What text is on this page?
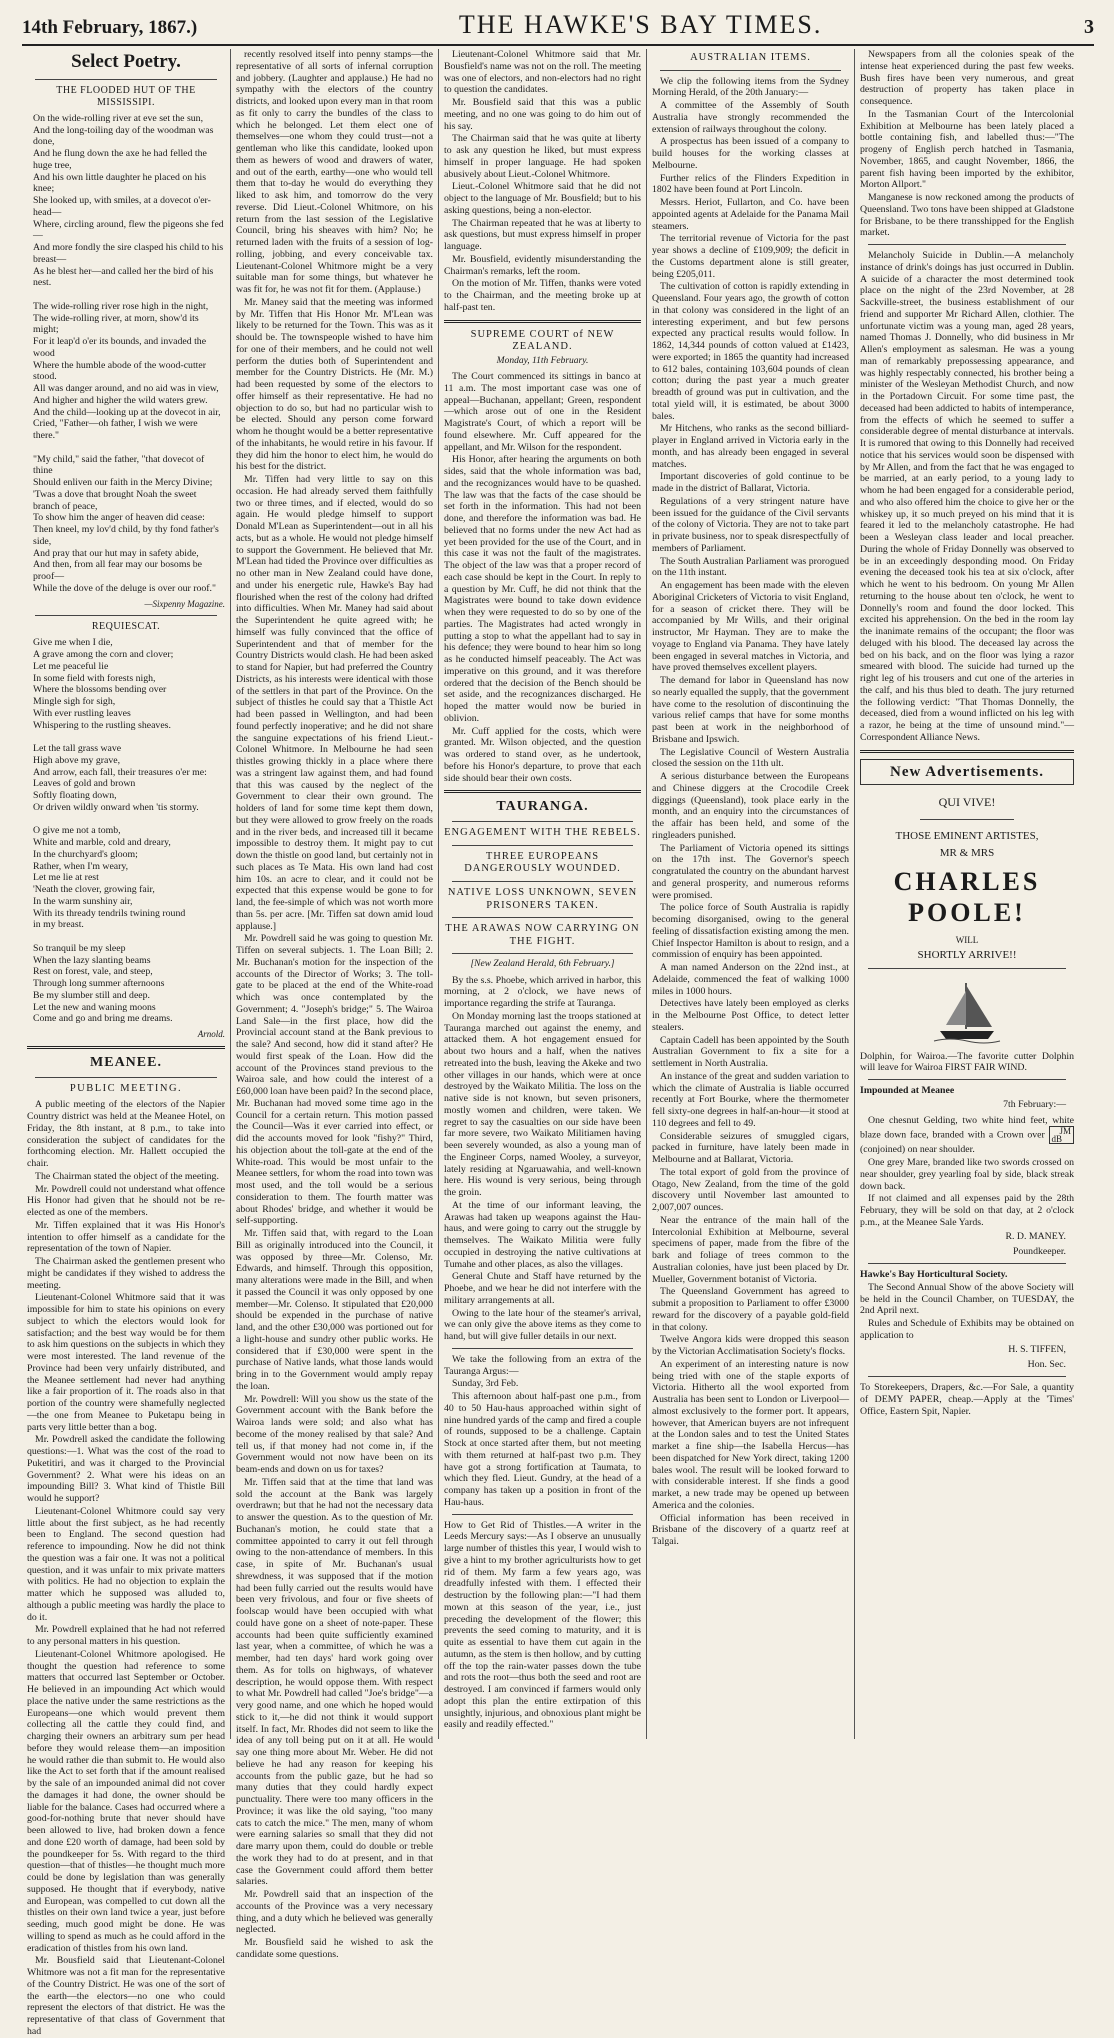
14th February, 1867.)	THE HAWKE'S BAY TIMES.	3
Select Poetry.
THE FLOODED HUT OF THE MISSISSIPI.
On the wide-rolling river at eve set the sun,
And the long-toiling day of the woodman was done,
And he flung down the axe he had felled the huge tree,
And his own little daughter he placed on his knee;
She looked up, with smiles, at a dovecot o'er-head—
Where, circling around, flew the pigeons she fed—
And more fondly the sire clasped his child to his breast—
As he blest her—and called her the bird of his nest.

The wide-rolling river rose high in the night,
The wide-rolling river, at morn, show'd its might;
For it leap'd o'er its bounds, and invaded the wood
Where the humble abode of the wood-cutter stood.
All was danger around, and no aid was in view,
And higher and higher the wild waters grew.
And the child—looking up at the dovecot in air,
Cried, "Father—oh father, I wish we were there."

"My child," said the father, "that dovecot of thine
Should enliven our faith in the Mercy Divine;
'Twas a dove that brought Noah the sweet branch of peace,
To show him the anger of heaven did cease:
Then kneel, my lov'd child, by thy fond father's side,
And pray that our hut may in safety abide,
And then, from all fear may our bosoms be proof—
While the dove of the deluge is over our roof."
—Sixpenny Magazine.
REQUIESCAT.
Give me when I die,
A grave among the corn and clover;
Let me peaceful lie
In some field with forests nigh,
Where the blossoms bending over
Mingle sigh for sigh,
With ever rustling leaves
Whispering to the rustling sheaves.

Let the tall grass wave
High above my grave,
And arrow, each fall, their treasures o'er me:
Leaves of gold and brown
Softly floating down,
Or driven wildly onward when 'tis stormy.

O give me not a tomb,
White and marble, cold and dreary,
In the churchyard's gloom;
Rather, when I'm weary,
Let me lie at rest
'Neath the clover, growing fair,
In the warm sunshiny air,
With its thready tendrils twining round
in my breast.

So tranquil be my sleep
When the lazy slanting beams
Rest on forest, vale, and steep,
Through long summer afternoons
Be my slumber still and deep.
Let the new and waning moons
Come and go and bring me dreams.
Arnold.
MEANEE.
PUBLIC MEETING.

A public meeting of the electors of the Napier Country district was held at the Meanee Hotel, on Friday, the 8th instant, at 8 p.m., to take into consideration the subject of candidates for the forthcoming election. Mr. Hallett occupied the chair.

The Chairman stated the object of the meeting.

Mr. Powdrell could not understand what offence His Honor had given that he should not be re-elected as one of the members.

Mr. Tiffen explained that it was His Honor's intention to offer himself as a candidate for the representation of the town of Napier.

The Chairman asked the gentlemen present who might be candidates if they wished to address the meeting.

Lieutenant-Colonel Whitmore said that it was impossible for him to state his opinions on every subject to which the electors would look for satisfaction; and the best way would be for them to ask him questions on the subjects in which they were most interested. The land revenue of the Province had been very unfairly distributed, and the Meanee settlement had never had anything like a fair proportion of it. The roads also in that portion of the country were shamefully neglected—the one from Meanee to Puketapu being in parts very little better than a bog.

Mr. Powdrell asked the candidate the following questions:—1. What was the cost of the road to Puketitiri, and was it charged to the Provincial Government? 2. What were his ideas on an impounding Bill? 3. What kind of Thistle Bill would he support?

Lieutenant-Colonel Whitmore could say very little about the first subject, as he had recently been to England. The second question had reference to impounding. Now he did not think the question was a fair one. It was not a political question, and it was unfair to mix private matters with politics. He had no objection to explain the matter which he supposed was alluded to, although a public meeting was hardly the place to do it.

Mr. Powdrell explained that he had not referred to any personal matters in his question.

Lieutenant-Colonel Whitmore apologised. He thought the question had reference to some matters that occurred last September or October. He believed in an impounding Act which would place the native under the same restrictions as the Europeans—one which would prevent them collecting all the cattle they could find, and charging their owners an arbitrary sum per head before they would release them—an imposition he would rather die than submit to. He would also like the Act to set forth that if the amount realised by the sale of an impounded animal did not cover the damages it had done, the owner should be liable for the balance. Cases had occurred where a good-for-nothing brute that never should have been allowed to live, had broken down a fence and done £20 worth of damage, had been sold by the poundkeeper for 5s. With regard to the third question—that of thistles—he thought much more could be done by legislation than was generally supposed. He thought that if everybody, native and European, was compelled to cut down all the thistles on their own land twice a year, just before seeding, much good might be done. He was willing to spend as much as he could afford in the eradication of thistles from his own land.

Mr. Bousfield said that Lieutenant-Colonel Whitmore was not a fit man for the representative of the Country District. He was one of the sort of the earth—the electors—no one who could represent the electors of that district. He was the representative of that class of Government that had

recently resolved itself into penny stamps—the representative of all sorts of infernal corruption and jobbery. (Laughter and applause.) He had no sympathy with the electors of the country districts, and looked upon every man in that room as fit only to carry the bundles of the class to which he belonged. Let them elect one of themselves—one whom they could trust—not a gentleman who like this candidate, looked upon them as hewers of wood and drawers of water, and out of the earth, earthy—one who would tell them that to-day he would do everything they liked to ask him, and tomorrow do the very reverse. Did Lieut.-Colonel Whitmore, on his return from the last session of the Legislative Council, bring his sheaves with him? No; he returned laden with the fruits of a session of log-rolling, jobbing, and every conceivable tax. Lieutenant-Colonel Whitmore might be a very suitable man for some things, but whatever he was fit for, he was not fit for them. (Applause.)

Mr. Maney said that the meeting was informed by Mr. Tiffen that His Honor Mr. M'Lean was likely to be returned for the Town. This was as it should be. The townspeople wished to have him for one of their members, and he could not well perform the duties both of Superintendent and member for the Country Districts. He (Mr. M.) had been requested by some of the electors to offer himself as their representative. He had no objection to do so, but had no particular wish to be elected. Should any person come forward whom he thought would be a better representative of the inhabitants, he would retire in his favour. If they did him the honor to elect him, he would do his best for the district.

Mr. Tiffen had very little to say on this occasion. He had already served them faithfully two or three times, and if elected, would do so again. He would pledge himself to support Donald M'Lean as Superintendent—out in all his acts, but as a whole. He would not pledge himself to support the Government. He believed that Mr. M'Lean had tided the Province over difficulties as no other man in New Zealand could have done, and under his energetic rule, Hawke's Bay had flourished when the rest of the colony had drifted into difficulties. When Mr. Maney had said about the Superintendent he quite agreed with; he himself was fully convinced that the office of Superintendent and that of member for the Country Districts would clash. He had been asked to stand for Napier, but had preferred the Country Districts, as his interests were identical with those of the settlers in that part of the Province. On the subject of thistles he could say that a Thistle Act had been passed in Wellington, and had been found perfectly inoperative; and he did not share the sanguine expectations of his friend Lieut.-Colonel Whitmore. In Melbourne he had seen thistles growing thickly in a place where there was a stringent law against them, and had found that this was caused by the neglect of the Government to clear their own ground. The holders of land for some time kept them down, but they were allowed to grow freely on the roads and in the river beds, and increased till it became impossible to destroy them. It might pay to cut down the thistle on good land, but certainly not in such places as Te Mata. His own land had cost him 10s. an acre to clear, and it could not be expected that this expense would be gone to for land, the fee-simple of which was not worth more than 5s. per acre. [Mr. Tiffen sat down amid loud applause.]

Mr. Powdrell said he was going to question Mr. Tiffen on several subjects. 1. The Loan Bill; 2. Mr. Buchanan's motion for the inspection of the accounts of the Director of Works; 3. The toll-gate to be placed at the end of the White-road which was once contemplated by the Government; 4. "Joseph's bridge;" 5. The Wairoa Land Sale—in the first place, how did the Provincial account stand at the Bank previous to the sale? And second, how did it stand after? He would first speak of the Loan. How did the account of the Provinces stand previous to the Wairoa sale, and how could the interest of a £60,000 loan have been paid? In the second place, Mr. Buchanan had moved some time ago in the Council for a certain return. This motion passed the Council—Was it ever carried into effect, or did the accounts moved for look "fishy?" Third, his objection about the toll-gate at the end of the White-road. This would be most unfair to the Meanee settlers, for whom the road into town was most used, and the toll would be a serious consideration to them. The fourth matter was about Rhodes' bridge, and whether it would be self-supporting.

Mr. Tiffen said that, with regard to the Loan Bill as originally introduced into the Council, it was opposed by three—Mr. Colenso, Mr. Edwards, and himself. Through this opposition, many alterations were made in the Bill, and when it passed the Council it was only opposed by one member—Mr. Colenso. It stipulated that £20,000 should be expended in the purchase of native land, and the other £30,000 was portioned out for a light-house and sundry other public works. He considered that if £30,000 were spent in the purchase of Native lands, what those lands would bring in to the Government would amply repay the loan.

Mr. Powdrell: Will you show us the state of the Government account with the Bank before the Wairoa lands were sold; and also what has become of the money realised by that sale? And tell us, if that money had not come in, if the Government would not now have been on its beam-ends and down on us for taxes?

Mr. Tiffen said that at the time that land was sold the account at the Bank was largely overdrawn; but that he had not the necessary data to answer the question. As to the question of Mr. Buchanan's motion, he could state that a committee appointed to carry it out fell through owing to the non-attendance of members. In this case, in spite of Mr. Buchanan's usual shrewdness, it was supposed that if the motion had been fully carried out the results would have been very frivolous, and four or five sheets of foolscap would have been occupied with what could have gone on a sheet of note-paper. These accounts had been quite sufficiently examined last year, when a committee, of which he was a member, had ten days' hard work going over them. As for tolls on highways, of whatever description, he would oppose them. With respect to what Mr. Powdrell had called "Joe's bridge"—a very good name, and one which he hoped would stick to it,—he did not think it would support itself. In fact, Mr. Rhodes did not seem to like the idea of any toll being put on it at all. He would say one thing more about Mr. Weber. He did not believe he had any reason for keeping his accounts from the public gaze, but he had so many duties that they could hardly expect punctuality. There were too many officers in the Province; it was like the old saying, "too many cats to catch the mice." The men, many of whom were earning salaries so small that they did not dare marry upon them, could do double or treble the work they had to do at present, and in that case the Government could afford them better salaries.

Mr. Powdrell said that an inspection of the accounts of the Province was a very necessary thing, and a duty which he believed was generally neglected.

Mr. Bousfield said he wished to ask the candidate some questions.

Lieutenant-Colonel Whitmore said that Mr. Bousfield's name was not on the roll. The meeting was one of electors, and non-electors had no right to question the candidates.

Mr. Bousfield said that this was a public meeting, and no one was going to do him out of his say.

The Chairman said that he was quite at liberty to ask any question he liked, but must express himself in proper language. He had spoken abusively about Lieut.-Colonel Whitmore.

Lieut.-Colonel Whitmore said that he did not object to the language of Mr. Bousfield; but to his asking questions, being a non-elector.

The Chairman repeated that he was at liberty to ask questions, but must express himself in proper language.

Mr. Bousfield, evidently misunderstanding the Chairman's remarks, left the room.

On the motion of Mr. Tiffen, thanks were voted to the Chairman, and the meeting broke up at half-past ten.

SUPREME COURT of NEW ZEALAND.
Monday, 11th February.

The Court commenced its sittings in banco at 11 a.m. The most important case was one of appeal—Buchanan, appellant; Green, respondent—which arose out of one in the Resident Magistrate's Court, of which a report will be found elsewhere. Mr. Cuff appeared for the appellant, and Mr. Wilson for the respondent.

His Honor, after hearing the arguments on both sides, said that the whole information was bad, and the recognizances would have to be quashed. The law was that the facts of the case should be set forth in the information. This had not been done, and therefore the information was bad. He believed that no forms under the new Act had as yet been provided for the use of the Court, and in this case it was not the fault of the magistrates. The object of the law was that a proper record of each case should be kept in the Court. In reply to a question by Mr. Cuff, he did not think that the Magistrates were bound to take down evidence when they were requested to do so by one of the parties. The Magistrates had acted wrongly in putting a stop to what the appellant had to say in his defence; they were bound to hear him so long as he conducted himself peaceably. The Act was imperative on this ground, and it was therefore ordered that the decision of the Bench should be set aside, and the recognizances discharged. He hoped the matter would now be buried in oblivion.

Mr. Cuff applied for the costs, which were granted. Mr. Wilson objected, and the question was ordered to stand over, as he undertook, before his Honor's departure, to prove that each side should bear their own costs.

TAURANGA.
ENGAGEMENT WITH THE REBELS.
THREE EUROPEANS DANGEROUSLY WOUNDED.
NATIVE LOSS UNKNOWN, SEVEN PRISONERS TAKEN.
THE ARAWAS NOW CARRYING ON THE FIGHT.
[New Zealand Herald, 6th February.]

By the s.s. Phoebe, which arrived in harbor, this morning, at 2 o'clock, we have news of importance regarding the strife at Tauranga.

On Monday morning last the troops stationed at Tauranga marched out against the enemy, and attacked them. A hot engagement ensued for about two hours and a half, when the natives retreated into the bush, leaving the Akeke and two other villages in our hands, which were at once destroyed by the Waikato Militia. The loss on the native side is not known, but seven prisoners, mostly women and children, were taken. We regret to say the casualties on our side have been far more severe, two Waikato Militiamen having been severely wounded, as also a young man of the Engineer Corps, named Wooley, a surveyor, lately residing at Ngaruawahia, and well-known here. His wound is very serious, being through the groin.

At the time of our informant leaving, the Arawas had taken up weapons against the Hau-haus, and were going to carry out the struggle by themselves. The Waikato Militia were fully occupied in destroying the native cultivations at Tumahe and other places, as also the villages.

General Chute and Staff have returned by the Phoebe, and we hear he did not interfere with the military arrangements at all.

Owing to the late hour of the steamer's arrival, we can only give the above items as they come to hand, but will give fuller details in our next.

We take the following from an extra of the Tauranga Argus:—

Sunday, 3rd Feb.

This afternoon about half-past one p.m., from 40 to 50 Hau-haus approached within sight of nine hundred yards of the camp and fired a couple of rounds, supposed to be a challenge. Captain Stock at once started after them, but not meeting with them returned at half-past two p.m. They have got a strong fortification at Taumata, to which they fled. Lieut. Gundry, at the head of a company has taken up a position in front of the Hau-haus.

How to Get Rid of Thistles.—A writer in the Leeds Mercury says:—As I observe an unusually large number of thistles this year, I would wish to give a hint to my brother agriculturists how to get rid of them. My farm a few years ago, was dreadfully infested with them. I effected their destruction by the following plan:—"I had them mown at this season of the year, i.e., just preceding the development of the flower; this prevents the seed coming to maturity, and it is quite as essential to have them cut again in the autumn, as the stem is then hollow, and by cutting off the top the rain-water passes down the tube and rots the root—thus both the seed and root are destroyed. I am convinced if farmers would only adopt this plan the entire extirpation of this unsightly, injurious, and obnoxious plant might be easily and readily effected."

AUSTRALIAN ITEMS.

We clip the following items from the Sydney Morning Herald, of the 20th January:—

A committee of the Assembly of South Australia have strongly recommended the extension of railways throughout the colony.

A prospectus has been issued of a company to build houses for the working classes at Melbourne.

Further relics of the Flinders Expedition in 1802 have been found at Port Lincoln.

Messrs. Heriot, Fullarton, and Co. have been appointed agents at Adelaide for the Panama Mail steamers.

The territorial revenue of Victoria for the past year shows a decline of £109,909; the deficit in the Customs department alone is still greater, being £205,011.

The cultivation of cotton is rapidly extending in Queensland. Four years ago, the growth of cotton in that colony was considered in the light of an interesting experiment, and but few persons expected any practical results would follow. In 1862, 14,344 pounds of cotton valued at £1423, were exported; in 1865 the quantity had increased to 612 bales, containing 103,604 pounds of clean cotton; during the past year a much greater breadth of ground was put in cultivation, and the total yield will, it is estimated, be about 3000 bales.

Mr Hitchens, who ranks as the second billiard-player in England arrived in Victoria early in the month, and has already been engaged in several matches.

Important discoveries of gold continue to be made in the district of Ballarat, Victoria.

Regulations of a very stringent nature have been issued for the guidance of the Civil servants of the colony of Victoria. They are not to take part in private business, nor to speak disrespectfully of members of Parliament.

The South Australian Parliament was prorogued on the 11th instant.

An engagement has been made with the eleven Aboriginal Cricketers of Victoria to visit England, for a season of cricket there. They will be accompanied by Mr Wills, and their original instructor, Mr Hayman. They are to make the voyage to England via Panama. They have lately been engaged in several matches in Victoria, and have proved themselves excellent players.

The demand for labor in Queensland has now so nearly equalled the supply, that the government have come to the resolution of discontinuing the various relief camps that have for some months past been at work in the neighborhood of Brisbane and Ipswich.

The Legislative Council of Western Australia closed the session on the 11th ult.

A serious disturbance between the Europeans and Chinese diggers at the Crocodile Creek diggings (Queensland), took place early in the month, and an enquiry into the circumstances of the affair has been held, and some of the ringleaders punished.

The Parliament of Victoria opened its sittings on the 17th inst. The Governor's speech congratulated the country on the abundant harvest and general prosperity, and numerous reforms were promised.

The police force of South Australia is rapidly becoming disorganised, owing to the general feeling of dissatisfaction existing among the men. Chief Inspector Hamilton is about to resign, and a commission of enquiry has been appointed.

A man named Anderson on the 22nd inst., at Adelaide, commenced the feat of walking 1000 miles in 1000 hours.

Detectives have lately been employed as clerks in the Melbourne Post Office, to detect letter stealers.

Captain Cadell has been appointed by the South Australian Government to fix a site for a settlement in North Australia.

An instance of the great and sudden variation to which the climate of Australia is liable occurred recently at Fort Bourke, where the thermometer fell sixty-one degrees in half-an-hour—it stood at 110 degrees and fell to 49.

Considerable seizures of smuggled cigars, packed in furniture, have lately been made in Melbourne and at Ballarat, Victoria.

The total export of gold from the province of Otago, New Zealand, from the time of the gold discovery until November last amounted to 2,007,007 ounces.

Near the entrance of the main hall of the Intercolonial Exhibition at Melbourne, several specimens of paper, made from the fibre of the bark and foliage of trees common to the Australian colonies, have just been placed by Dr. Mueller, Government botanist of Victoria.

The Queensland Government has agreed to submit a proposition to Parliament to offer £3000 reward for the discovery of a payable gold-field in that colony.

Twelve Angora kids were dropped this season by the Victorian Acclimatisation Society's flocks.

An experiment of an interesting nature is now being tried with one of the staple exports of Victoria. Hitherto all the wool exported from Australia has been sent to London or Liverpool—almost exclusively to the former port. It appears, however, that American buyers are not infrequent at the London sales and to test the United States market a fine ship—the Isabella Hercus—has been dispatched for New York direct, taking 1200 bales wool. The result will be looked forward to with considerable interest. If she finds a good market, a new trade may be opened up between America and the colonies.

Official information has been received in Brisbane of the discovery of a quartz reef at Talgai.

Newspapers from all the colonies speak of the intense heat experienced during the past few weeks. Bush fires have been very numerous, and great destruction of property has taken place in consequence.

In the Tasmanian Court of the Intercolonial Exhibition at Melbourne has been lately placed a bottle containing fish, and labelled thus:—"The progeny of English perch hatched in Tasmania, November, 1865, and caught November, 1866, the parent fish having been imported by the exhibitor, Morton Allport."

Manganese is now reckoned among the products of Queensland. Two tons have been shipped at Gladstone for Brisbane, to be there transshipped for the English market.

Melancholy Suicide in Dublin.—A melancholy instance of drink's doings has just occurred in Dublin. A suicide of a character the most determined took place on the night of the 23rd November, at 28 Sackville-street, the business establishment of our friend and supporter Mr Richard Allen, clothier. The unfortunate victim was a young man, aged 28 years, named Thomas J. Donnelly, who did business in Mr Allen's employment as salesman. He was a young man of remarkably prepossessing appearance, and was highly respectably connected, his brother being a minister of the Wesleyan Methodist Church, and now in the Portadown Circuit. For some time past, the deceased had been addicted to habits of intemperance, from the effects of which he seemed to suffer a considerable degree of mental disturbance at intervals. It is rumored that owing to this Donnelly had received notice that his services would soon be dispensed with by Mr Allen, and from the fact that he was engaged to be married, at an early period, to a young lady to whom he had been engaged for a considerable period, and who also offered him the choice to give her or the whiskey up, it so much preyed on his mind that it is feared it led to the melancholy catastrophe. He had been a Wesleyan class leader and local preacher. During the whole of Friday Donnelly was observed to be in an exceedingly desponding mood. On Friday evening the deceased took his tea at six o'clock, after which he went to his bedroom. On young Mr Allen returning to the house about ten o'clock, he went to Donnelly's room and found the door locked. This excited his apprehension. On the bed in the room lay the inanimate remains of the occupant; the floor was deluged with his blood. The deceased lay across the bed on his back, and on the floor was lying a razor smeared with blood. The suicide had turned up the right leg of his trousers and cut one of the arteries in the calf, and his thus bled to death. The jury returned the following verdict: "That Thomas Donnelly, the deceased, died from a wound inflicted on his leg with a razor, he being at the time of unsound mind."—Correspondent Alliance News.

New Advertisements.
QUI VIVE!
THOSE EMINENT ARTISTES,
MR & MRS
CHARLES POOLE!
WILL
SHORTLY ARRIVE!!

Dolphin, for Wairoa.—The favorite cutter Dolphin will leave for Wairoa FIRST FAIR WIND.

Impounded at Meanee

7th February:—

One chesnut Gelding, two white hind feet, white blaze down face, branded with a Crown over JM
dB (conjoined) on near shoulder.

One grey Mare, branded like two swords crossed on near shoulder, grey yearling foal by side, black streak down back.

If not claimed and all expenses paid by the 28th February, they will be sold on that day, at 2 o'clock p.m., at the Meanee Sale Yards.

R. D. MANEY.

Poundkeeper.

Hawke's Bay Horticultural Society.

The Second Annual Show of the above Society will be held in the Council Chamber, on TUESDAY, the 2nd April next.

Rules and Schedule of Exhibits may be obtained on application to

H. S. TIFFEN,

Hon. Sec.

To Storekeepers, Drapers, &c.—For Sale, a quantity of DEMY PAPER, cheap.—Apply at the 'Times' Office, Eastern Spit, Napier.
